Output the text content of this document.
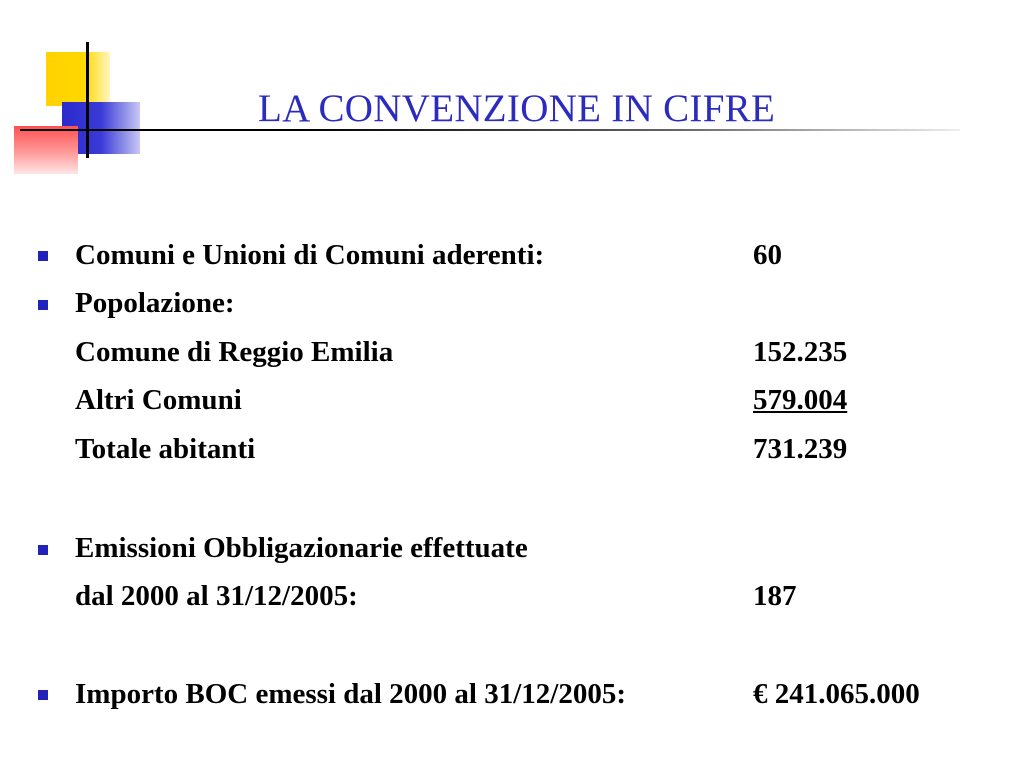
LA CONVENZIONE IN CIFRE
Comuni e Unioni di Comuni aderenti:	60
Popolazione:
Comune di Reggio Emilia	152.235
Altri Comuni	579.004
Totale abitanti	731.239
Emissioni Obbligazionarie effettuate
dal 2000 al 31/12/2005:	187
Importo BOC emessi dal 2000 al 31/12/2005:	€ 241.065.000
